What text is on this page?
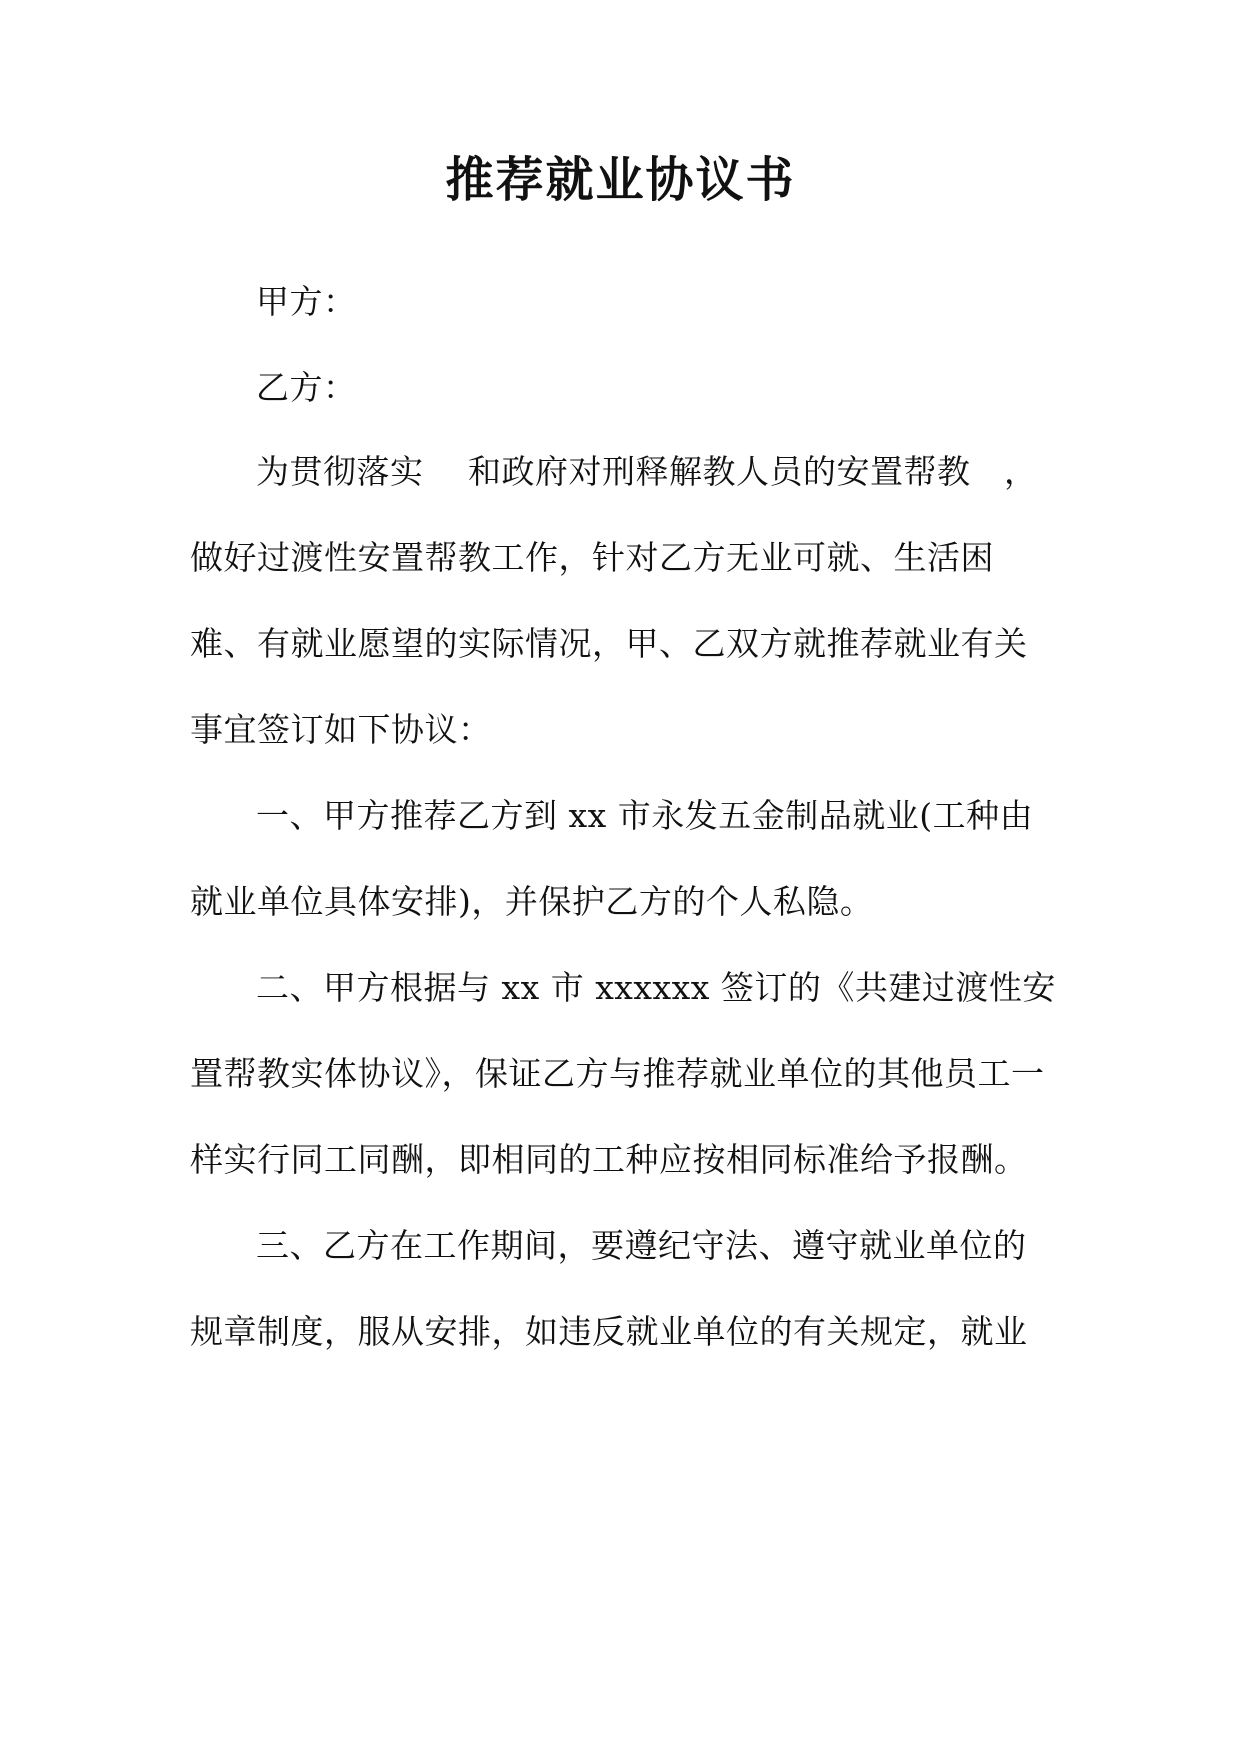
推荐就业协议书
甲方：
乙方：
为贯彻落实　 和政府对刑释解教人员的安置帮教　，
做好过渡性安置帮教工作，针对乙方无业可就、生活困
难、有就业愿望的实际情况，甲、乙双方就推荐就业有关
事宜签订如下协议：
一、甲方推荐乙方到 xx 市永发五金制品就业(工种由
就业单位具体安排)，并保护乙方的个人私隐。
二、甲方根据与 xx 市 xxxxxx 签订的《共建过渡性安
置帮教实体协议》，保证乙方与推荐就业单位的其他员工一
样实行同工同酬，即相同的工种应按相同标准给予报酬。
三、乙方在工作期间，要遵纪守法、遵守就业单位的
规章制度，服从安排，如违反就业单位的有关规定，就业
